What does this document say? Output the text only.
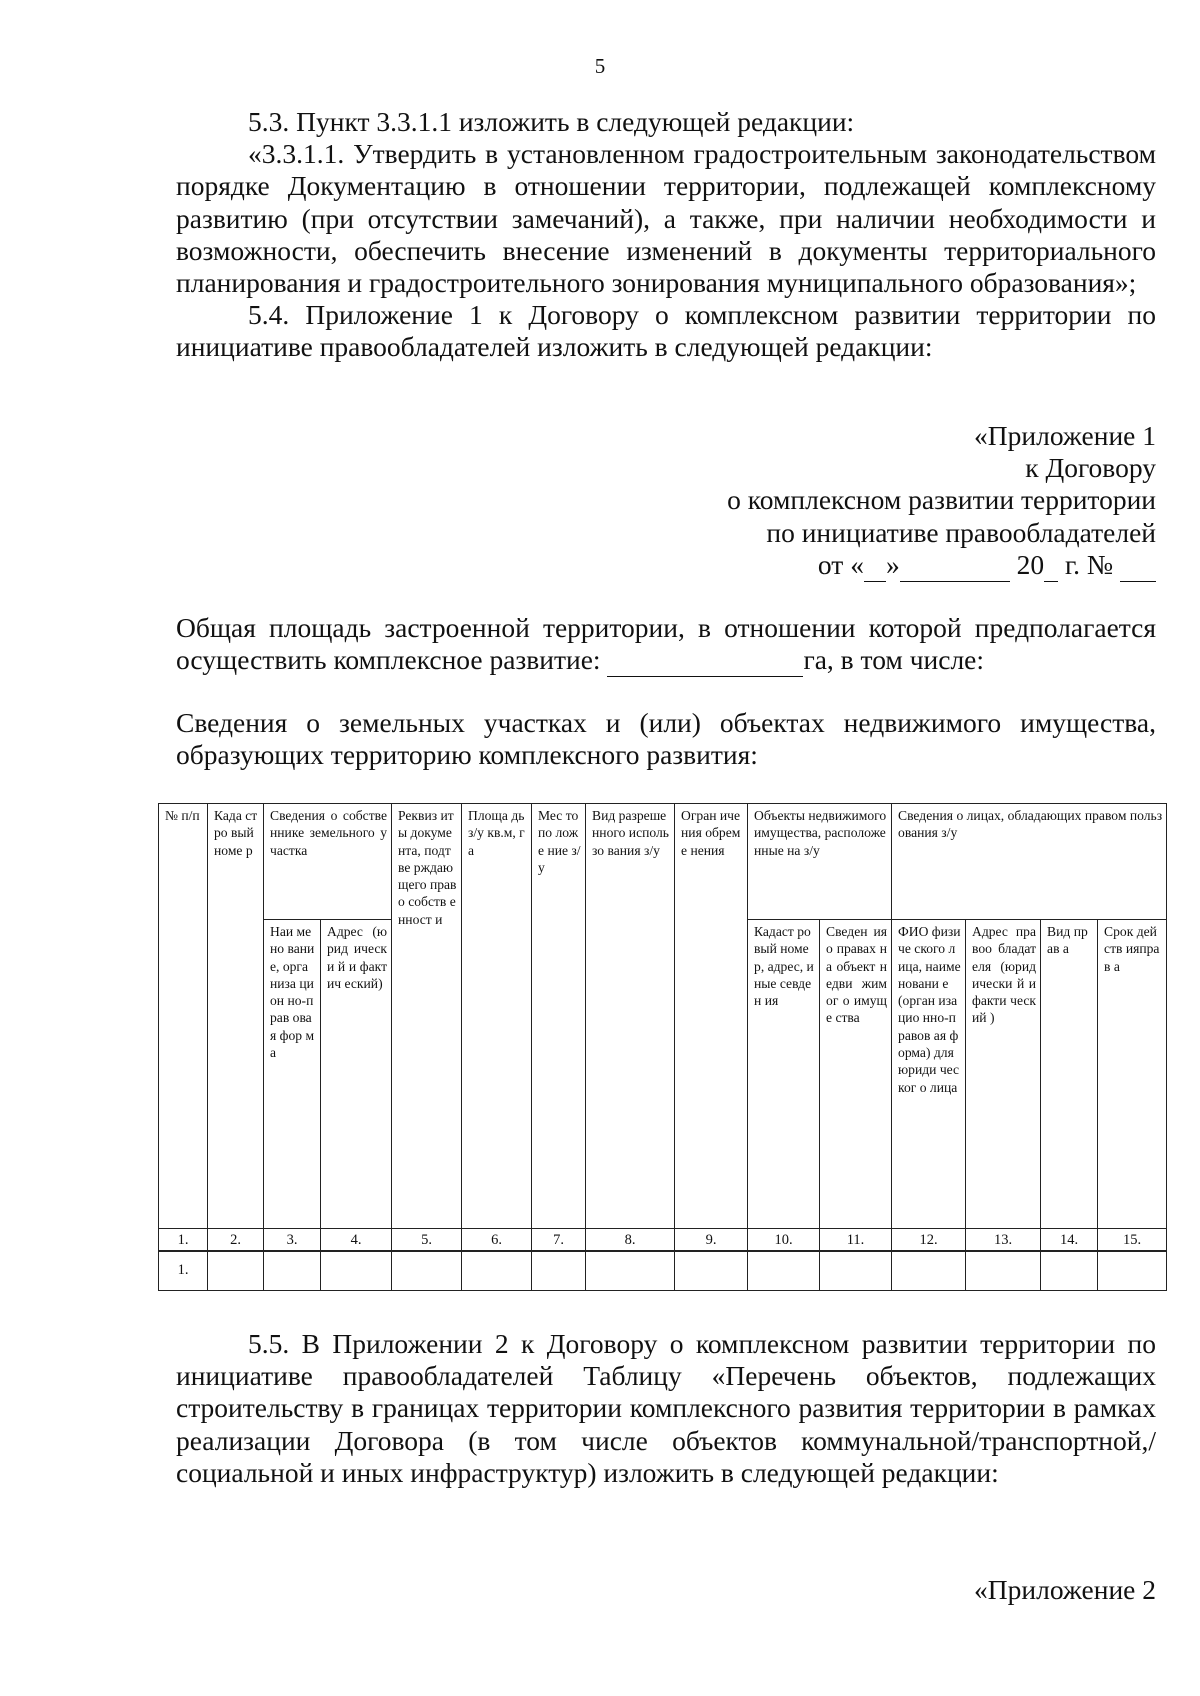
5

5.3. Пункт 3.3.1.1 изложить в следующей редакции:

«3.3.1.1. Утвердить в установленном градостроительным законодательством порядке Документацию в отношении территории, подлежащей комплексному развитию (при отсутствии замечаний), а также, при наличии необходимости и возможности, обеспечить внесение изменений в документы территориального планирования и градостроительного зонирования муниципального образования»;

5.4. Приложение 1 к Договору о комплексном развитии территории по инициативе правообладателей изложить в следующей редакции:

«Приложение 1

к Договору

о комплексном развитии территории

по инициативе правообладателей

от « »	20  г. №

Общая площадь застроенной территории, в отношении которой предполагается осуществить комплексное развитие:	га, в том числе:

Сведения о земельных участках и (или) объектах недвижимого имущества, образующих территорию комплексного развития:

№ п/п	Када стро вый номе р	Сведения о собственнике земельного участка		Реквиз иты докуме нта, подтве рждаю щего право собств енност и	Площа дь з/у кв.м, га	Мес топо ложе ние з/у	Вид разреше нного использо вания з/у	Огран ичения обреме нения	Объекты недвижимого имущества, расположенные на з/у		Сведения о лицах, обладающих правом пользования з/у			
		Наи мено вани е, орга низа цион но-прав овая фор ма	Адрес (юрид ически й и фактич еский)						Кадаст ровый номер, адрес, иные севден ия	Сведен ия о правах на объект недви жимог о имуще ства	ФИО физиче ского лица, наиме новани е (орган изацио нно-правов ая форма) для юриди ческог о лица	Адрес правоо бладат еля (юрид ически й и факти ческий )	Вид прав а	Срок действ ияправ а
1.	2.	3.	4.	5.	6.	7.	8.	9.	10.	11.	12.	13.	14.	15.
1.														

5.5. В Приложении 2 к Договору о комплексном развитии территории по инициативе правообладателей Таблицу «Перечень объектов, подлежащих строительству в границах территории комплексного развития территории в рамках реализации Договора (в том числе объектов коммунальной/транспортной,/социальной и иных инфраструктур) изложить в следующей редакции:

«Приложение 2
